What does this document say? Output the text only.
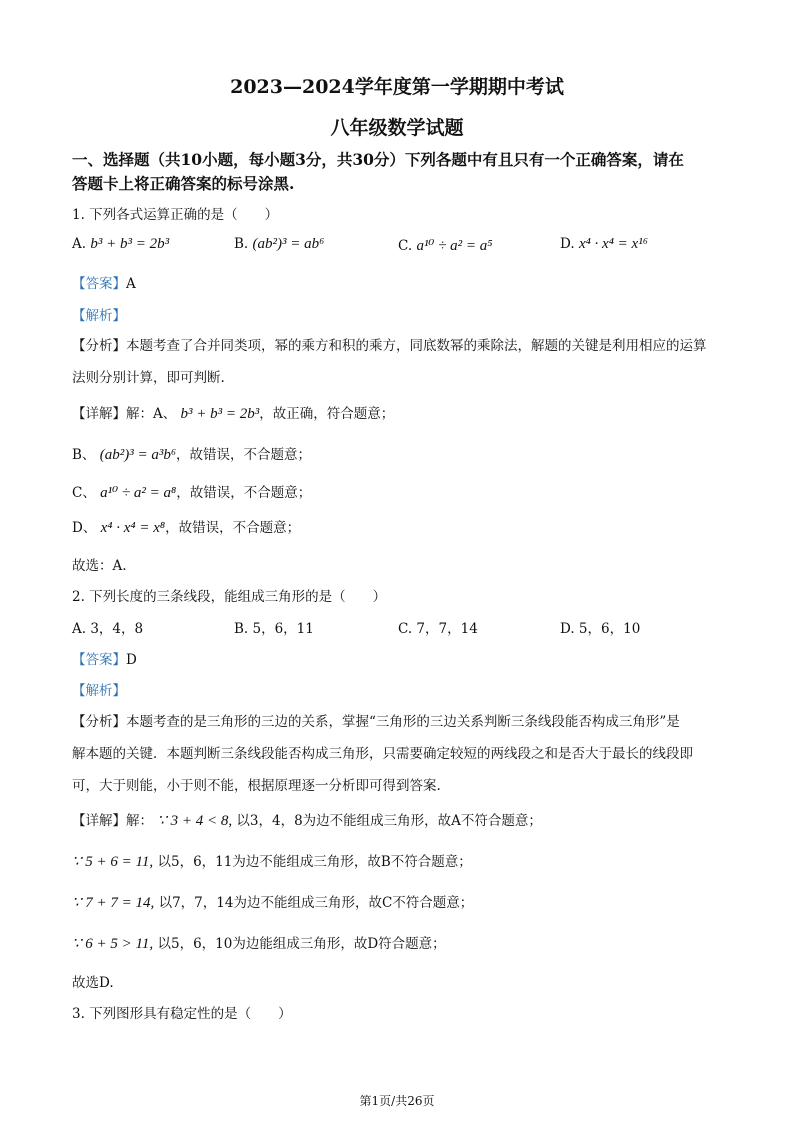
2023—2024学年度第一学期期中考试
八年级数学试题
一、选择题（共10小题，每小题3分，共30分）下列各题中有且只有一个正确答案，请在
答题卡上将正确答案的标号涂黑.
1. 下列各式运算正确的是（　　）
A. b³ + b³ = 2b³	B. (ab²)³ = ab⁶	C. a¹⁰ ÷ a² = a⁵	D. x⁴ · x⁴ = x¹⁶
【答案】A
【解析】
【分析】本题考查了合并同类项，幂的乘方和积的乘方，同底数幂的乘除法，解题的关键是利用相应的运算
法则分别计算，即可判断.
【详解】解：A、 b³ + b³ = 2b³，故正确，符合题意；
B、 (ab²)³ = a³b⁶，故错误，不合题意；
C、 a¹⁰ ÷ a² = a⁸，故错误，不合题意；
D、 x⁴ · x⁴ = x⁸，故错误，不合题意；
故选：A.
2. 下列长度的三条线段，能组成三角形的是（　　）
A. 3，4，8	B. 5，6，11	C. 7，7，14	D. 5，6，10
【答案】D
【解析】
【分析】本题考查的是三角形的三边的关系，掌握“三角形的三边关系判断三条线段能否构成三角形”是
解本题的关键．本题判断三条线段能否构成三角形，只需要确定较短的两线段之和是否大于最长的线段即
可，大于则能，小于则不能，根据原理逐一分析即可得到答案.
【详解】解： ∵ 3 + 4 < 8, 以3，4，8为边不能组成三角形，故A不符合题意；
∵ 5 + 6 = 11, 以5，6，11为边不能组成三角形，故B不符合题意；
∵ 7 + 7 = 14, 以7，7，14为边不能组成三角形，故C不符合题意；
∵ 6 + 5 > 11, 以5，6，10为边能组成三角形，故D符合题意；
故选D.
3. 下列图形具有稳定性的是（　　）
第1页/共26页
